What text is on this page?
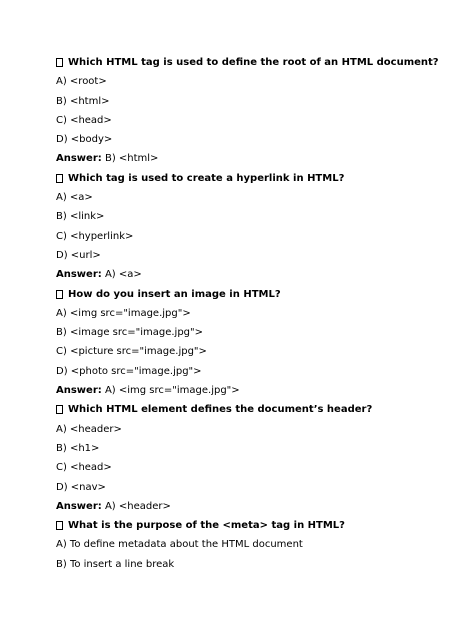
Which HTML tag is used to define the root of an HTML document?
A) <root>
B) <html>
C) <head>
D) <body>
Answer: B) <html>
Which tag is used to create a hyperlink in HTML?
A) <a>
B) <link>
C) <hyperlink>
D) <url>
Answer: A) <a>
How do you insert an image in HTML?
A) <img src="image.jpg">
B) <image src="image.jpg">
C) <picture src="image.jpg">
D) <photo src="image.jpg">
Answer: A) <img src="image.jpg">
Which HTML element defines the document’s header?
A) <header>
B) <h1>
C) <head>
D) <nav>
Answer: A) <header>
What is the purpose of the <meta> tag in HTML?
A) To define metadata about the HTML document
B) To insert a line break
